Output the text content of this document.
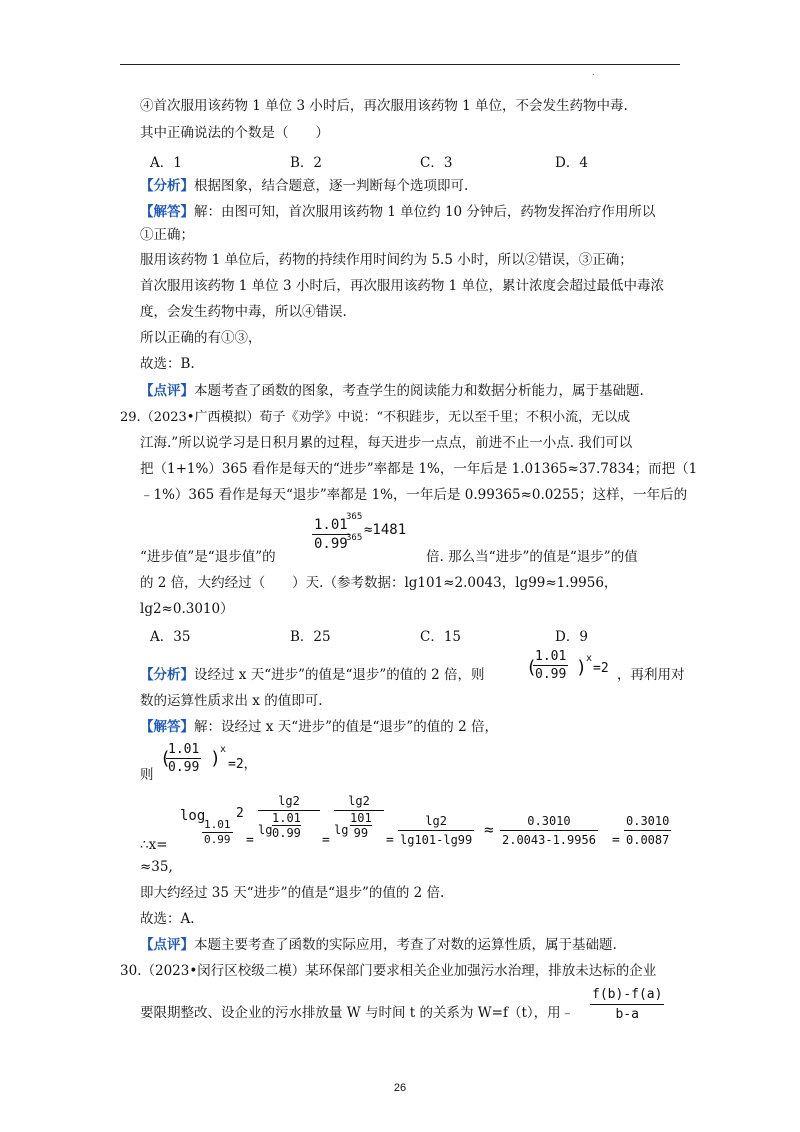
.
④首次服用该药物 1 单位 3 小时后，再次服用该药物 1 单位，不会发生药物中毒.
其中正确说法的个数是（　　）
A．1	B．2	C．3	D．4
【分析】根据图象，结合题意，逐一判断每个选项即可.
【解答】解：由图可知，首次服用该药物 1 单位约 10 分钟后，药物发挥治疗作用所以
①正确；
服用该药物 1 单位后，药物的持续作用时间约为 5.5 小时，所以②错误，③正确；
首次服用该药物 1 单位 3 小时后，再次服用该药物 1 单位，累计浓度会超过最低中毒浓
度，会发生药物中毒，所以④错误.
所以正确的有①③，
故选：B.
【点评】本题考查了函数的图象，考查学生的阅读能力和数据分析能力，属于基础题.
29.（2023•广西模拟）荀子《劝学》中说：“不积跬步，无以至千里；不积小流，无以成
江海.”所以说学习是日积月累的过程，每天进步一点点，前进不止一小点. 我们可以
把（1+1%）365 看作是每天的“进步”率都是 1%，一年后是 1.01365≈37.7834；而把（1
﹣1%）365 看作是每天“退步”率都是 1%，一年后是 0.99365≈0.0255；这样，一年后的
“进步值”是“退步值”的
$\frac{1.01}{0.99}$
365
365 ≈1481
倍. 那么当“进步”的值是“退步”的值
的 2 倍，大约经过（　　）天.（参考数据：lg101≈2.0043，lg99≈1.9956，
lg2≈0.3010）
A．35	B．25	C．15	D．9
【分析】设经过 x 天“进步”的值是“退步”的值的 2 倍，则 (
$\frac{1.01}{0.99}$ ) x
=2 ，再利用对
数的运算性质求出 x 的值即可.
【解答】解：设经过 x 天“进步”的值是“退步”的值的 2 倍，
则
(
$\frac{1.01}{0.99}$ ) x
=2，
∴x=
log
$\frac{1.01}{0.99}$
2
= $\frac{\lg 2}{\lg \frac{1.01}{0.99}} = \frac{\lg 2}{\lg \frac{101}{99}} = \frac{\lg 2}{\lg 101-\lg 99} \approx \frac{0.3010}{2.0043-1.9956} = \frac{0.3010}{0.0087}$
≈35,
即大约经过 35 天“进步”的值是“退步”的值的 2 倍.
故选：A.
【点评】本题主要考查了函数的实际应用，考查了对数的运算性质，属于基础题.
30.（2023•闵行区校级二模）某环保部门要求相关企业加强污水治理，排放未达标的企业
要限期整改、设企业的污水排放量 W 与时间 t 的关系为 W=f（t），用﹣ $\frac{f(b)-f(a)}{b-a}$
26
